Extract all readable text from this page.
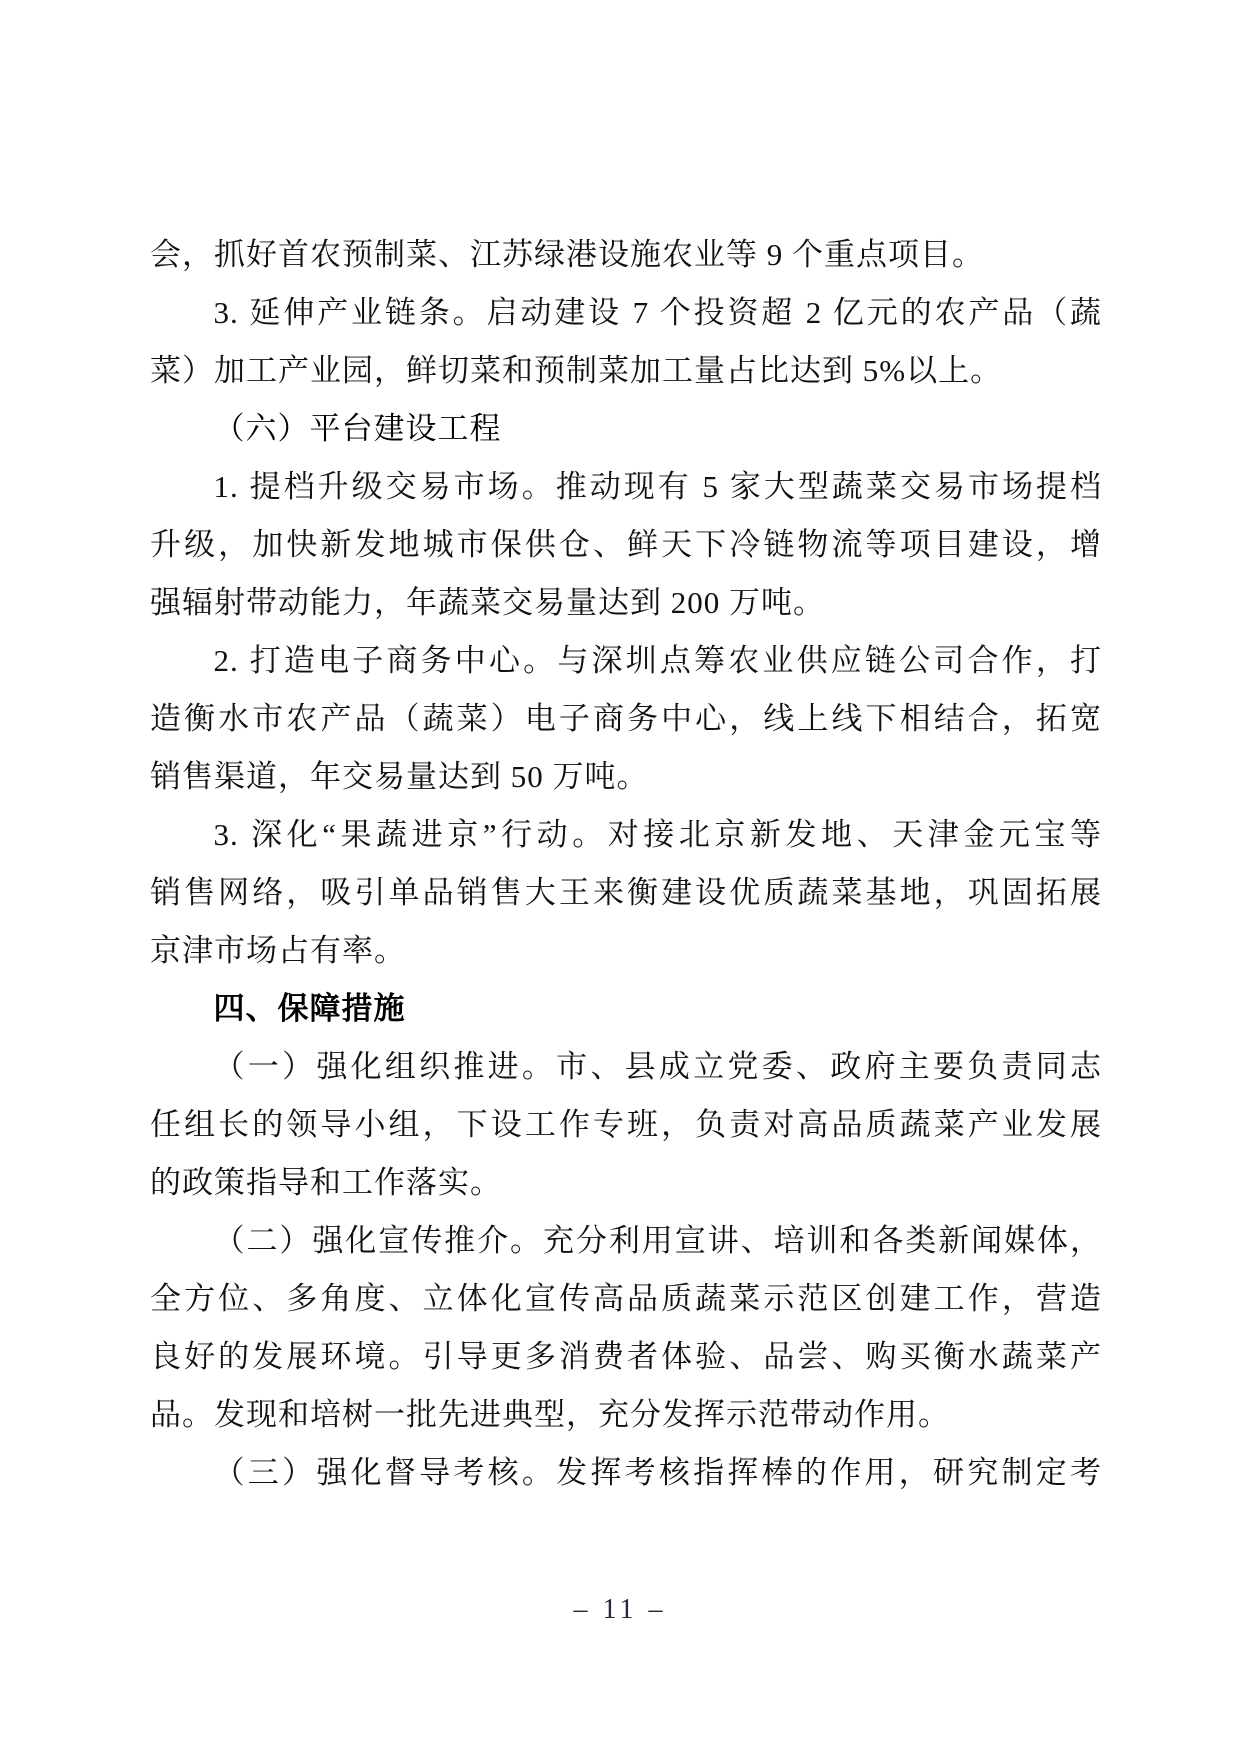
会，抓好首农预制菜、江苏绿港设施农业等 9 个重点项目。
3. 延伸产业链条。启动建设 7 个投资超 2 亿元的农产品（蔬
菜）加工产业园，鲜切菜和预制菜加工量占比达到 5%以上。
（六）平台建设工程
1. 提档升级交易市场。推动现有 5 家大型蔬菜交易市场提档
升级，加快新发地城市保供仓、鲜天下冷链物流等项目建设，增
强辐射带动能力，年蔬菜交易量达到 200 万吨。
2. 打造电子商务中心。与深圳点筹农业供应链公司合作，打
造衡水市农产品（蔬菜）电子商务中心，线上线下相结合，拓宽
销售渠道，年交易量达到 50 万吨。
3. 深化“果蔬进京”行动。对接北京新发地、天津金元宝等
销售网络，吸引单品销售大王来衡建设优质蔬菜基地，巩固拓展
京津市场占有率。
四、保障措施
（一）强化组织推进。市、县成立党委、政府主要负责同志
任组长的领导小组，下设工作专班，负责对高品质蔬菜产业发展
的政策指导和工作落实。
（二）强化宣传推介。充分利用宣讲、培训和各类新闻媒体，
全方位、多角度、立体化宣传高品质蔬菜示范区创建工作，营造
良好的发展环境。引导更多消费者体验、品尝、购买衡水蔬菜产
品。发现和培树一批先进典型，充分发挥示范带动作用。
（三）强化督导考核。发挥考核指挥棒的作用，研究制定考
– 11 –
